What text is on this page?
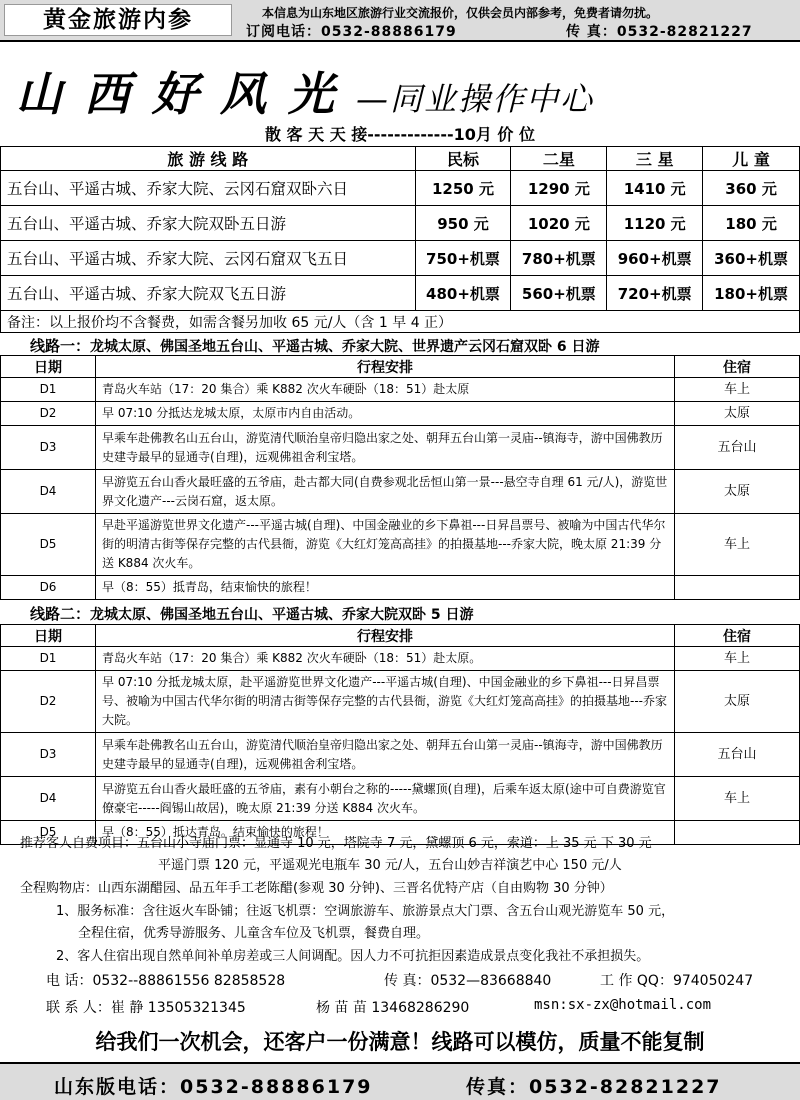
黄金旅游内参	本信息为山东地区旅游行业交流报价，仅供会员内部参考，免费者请勿扰。
订阅电话：0532-88886179	传 真：0532-82821227
山西好风光—同业操作中心
散 客 天 天 接-------------10月 价 位
旅 游 线 路	民标	二星	三 星	儿 童
五台山、平遥古城、乔家大院、云冈石窟双卧六日	1250 元	1290 元	1410 元	360 元
五台山、平遥古城、乔家大院双卧五日游	950 元	1020 元	1120 元	180 元
五台山、平遥古城、乔家大院、云冈石窟双飞五日	750+机票	780+机票	960+机票	360+机票
五台山、平遥古城、乔家大院双飞五日游	480+机票	560+机票	720+机票	180+机票
备注：以上报价均不含餐费，如需含餐另加收 65 元/人（含 1 早 4 正）				
线路一：龙城太原、佛国圣地五台山、平遥古城、乔家大院、世界遗产云冈石窟双卧 6 日游
日期	行程安排	住宿
D1	青岛火车站（17：20 集合）乘 K882 次火车硬卧（18：51）赴太原	车上
D2	早 07:10 分抵达龙城太原，太原市内自由活动。	太原
D3	早乘车赴佛教名山五台山，游览清代顺治皇帝归隐出家之处、朝拜五台山第一灵庙--镇海寺，游中国佛教历史建寺最早的显通寺(自理)，远观佛祖舍利宝塔。	五台山
D4	早游览五台山香火最旺盛的五爷庙，赴古都大同(自费参观北岳恒山第一景---悬空寺自理 61 元/人)，游览世界文化遗产---云岗石窟，返太原。	太原
D5	早赴平遥游览世界文化遗产---平遥古城(自理)、中国金融业的乡下鼻祖---日昇昌票号、被喻为中国古代华尔街的明清古街等保存完整的古代县衙，游览《大红灯笼高高挂》的拍摄基地---乔家大院，晚太原 21:39 分送 K884 次火车。	车上
D6	早（8：55）抵青岛，结束愉快的旅程！	
线路二：龙城太原、佛国圣地五台山、平遥古城、乔家大院双卧 5 日游
日期	行程安排	住宿
D1	青岛火车站（17：20 集合）乘 K882 次火车硬卧（18：51）赴太原。	车上
D2	早 07:10 分抵龙城太原，赴平遥游览世界文化遗产---平遥古城(自理)、中国金融业的乡下鼻祖---日昇昌票号、被喻为中国古代华尔街的明清古街等保存完整的古代县衙，游览《大红灯笼高高挂》的拍摄基地---乔家大院。	太原
D3	早乘车赴佛教名山五台山，游览清代顺治皇帝归隐出家之处、朝拜五台山第一灵庙--镇海寺，游中国佛教历史建寺最早的显通寺(自理)，远观佛祖舍利宝塔。	五台山
D4	早游览五台山香火最旺盛的五爷庙，素有小朝台之称的-----黛螺顶(自理)，后乘车返太原(途中可自费游览官僚豪宅-----阎锡山故居)，晚太原 21:39 分送 K884 次火车。	车上
D5	早（8：55）抵达青岛。结束愉快的旅程！	
推荐客人自费项目：五台山小寺庙门票：显通寺 10 元，塔院寺 7 元，黛螺顶 6 元，索道：上 35 元 下 30 元
平遥门票 120 元，平遥观光电瓶车 30 元/人，五台山妙吉祥演艺中心 150 元/人
全程购物店：山西东湖醋园、品五年手工老陈醋(参观 30 分钟)、三晋名优特产店（自由购物 30 分钟）
1、服务标准：含往返火车卧铺；往返飞机票：空调旅游车、旅游景点大门票、含五台山观光游览车 50 元，
全程住宿，优秀导游服务、儿童含车位及飞机票，餐费自理。
2、客人住宿出现自然单间补单房差或三人间调配。因人力不可抗拒因素造成景点变化我社不承担损失。
电 话：0532--88861556 82858528	传 真：0532—83668840	工 作 QQ：974050247
联 系 人：崔 静 13505321345	杨 苗 苗 13468286290	msn:sx-zx@hotmail.com
给我们一次机会，还客户一份满意！线路可以模仿，质量不能复制
山东版电话：0532-88886179	传真：0532-82821227
